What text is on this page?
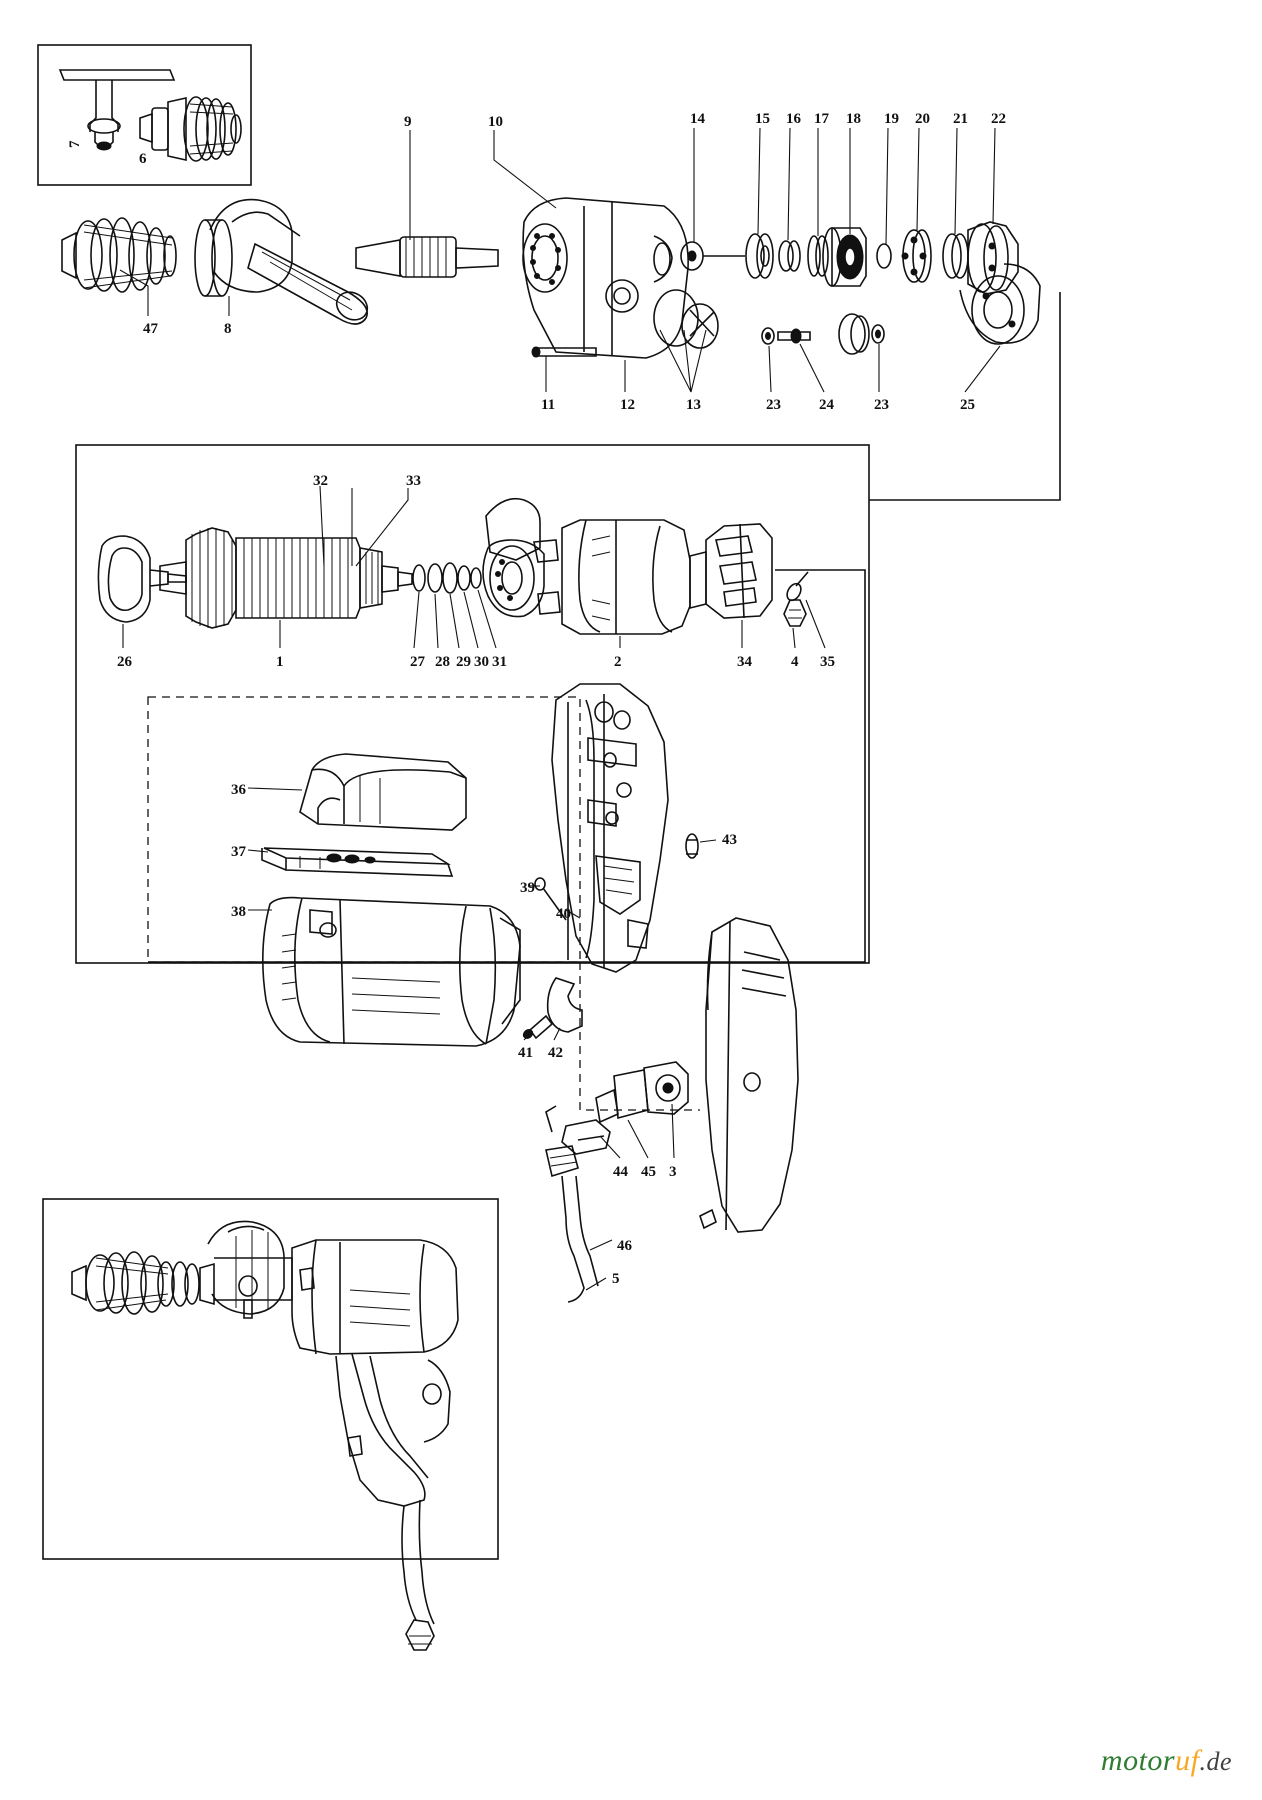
7
6
9	10	14	15 16 17 18 19 20 21 22
47	8
11	12	13	23	24	23	25
32	33
26	1	27 28 29 30 31	2	34	4 35
36
37
38
43
39
40
41 42
44 45 3
46
5
motoruf.de
